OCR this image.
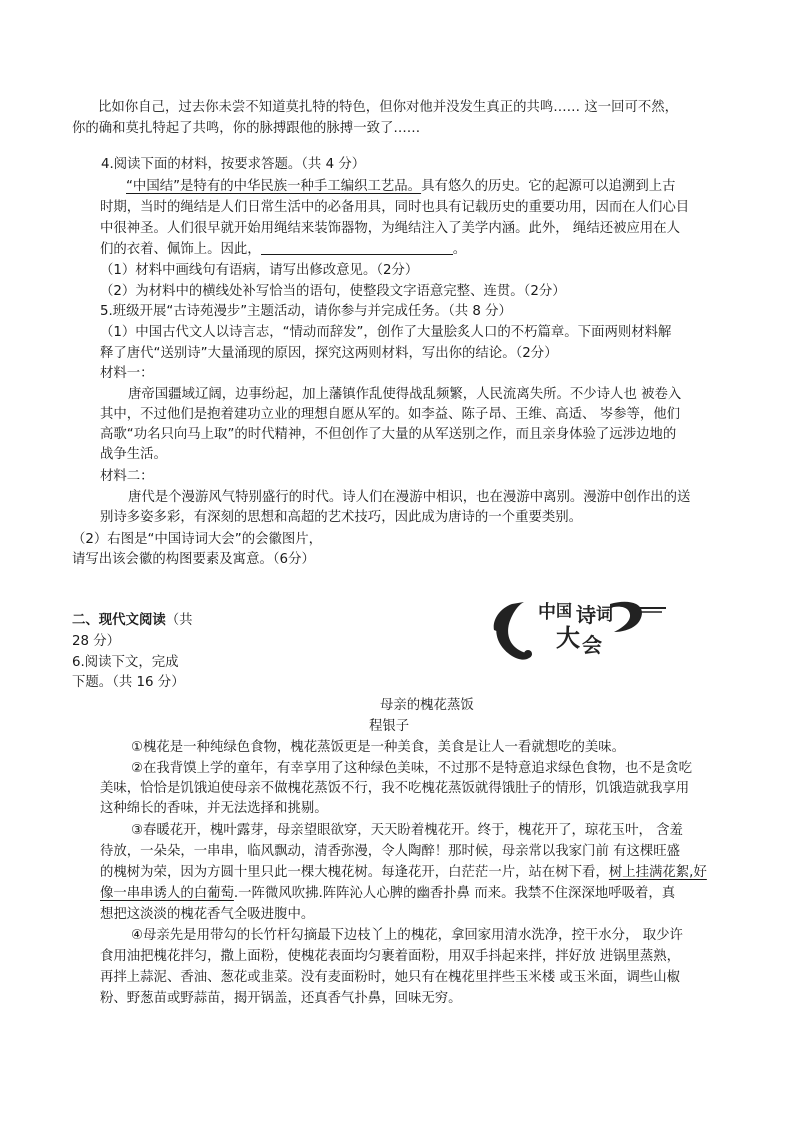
比如你自己，过去你未尝不知道莫扎特的特色，但你对他并没发生真正的共鸣…… 这一回可不然，
你的确和莫扎特起了共鸣，你的脉搏跟他的脉搏一致了……
4.阅读下面的材料，按要求答题。（共 4 分）
“中国结”是特有的中华民族一种手工编织工艺品。具有悠久的历史。它的起源可以追溯到上古
时期，当时的绳结是人们日常生活中的必备用具，同时也具有记载历史的重要功用，因而在人们心目
中很神圣。人们很早就开始用绳结来装饰器物，为绳结注入了美学内涵。此外， 绳结还被应用在人
们的衣着、佩饰上。因此，	。
（1）材料中画线句有语病，请写出修改意见。（2分）
（2）为材料中的横线处补写恰当的语句，使整段文字语意完整、连贯。（2分）
5.班级开展“古诗苑漫步”主题活动，请你参与并完成任务。（共 8 分）
（1）中国古代文人以诗言志，“情动而辞发”，创作了大量脍炙人口的不朽篇章。下面两则材料解
释了唐代“送别诗”大量涌现的原因，探究这两则材料，写出你的结论。（2分）
材料一：
唐帝国疆域辽阔，边事纷起，加上藩镇作乱使得战乱频繁，人民流离失所。不少诗人也 被卷入
其中，不过他们是抱着建功立业的理想自愿从军的。如李益、陈子昂、王维、高适、 岑参等，他们
高歌“功名只向马上取”的时代精神，不但创作了大量的从军送别之作，而且亲身体验了远涉边地的
战争生活。
材料二：
唐代是个漫游风气特别盛行的时代。诗人们在漫游中相识，也在漫游中离别。漫游中创作出的送
别诗多姿多彩，有深刻的思想和高超的艺术技巧，因此成为唐诗的一个重要类别。
（2）右图是“中国诗词大会”的会徽图片，
请写出该会徽的构图要素及寓意。（6分）
二、现代文阅读（共
28 分）
6.阅读下文，完成
下题。（共 16 分）
中 国 诗 词
大 会
母亲的槐花蒸饭
程银子
①槐花是一种纯绿色食物，槐花蒸饭更是一种美食，美食是让人一看就想吃的美味。
②在我背馍上学的童年，有幸享用了这种绿色美味，不过那不是特意追求绿色食物，也不是贪吃
美味，恰恰是饥饿迫使母亲不做槐花蒸饭不行，我不吃槐花蒸饭就得饿肚子的情形，饥饿造就我享用
这种绵长的香味，并无法选择和挑剔。
③春暖花开，槐叶露芽，母亲望眼欲穿，天天盼着槐花开。终于，槐花开了，琼花玉叶， 含羞
待放，一朵朵，一串串，临风飘动，清香弥漫，令人陶醉！那时候，母亲常以我家门前 有这棵旺盛
的槐树为荣，因为方圆十里只此一棵大槐花树。每逢花开，白茫茫一片，站在树下看，树上挂满花絮,好
像一串串诱人的白葡萄.一阵微风吹拂.阵阵沁人心脾的幽香扑鼻 而来。我禁不住深深地呼吸着，真
想把这淡淡的槐花香气全吸进腹中。
④母亲先是用带勾的长竹杆勾摘最下边枝丫上的槐花，拿回家用清水洗净，控干水分， 取少许
食用油把槐花拌匀，撒上面粉，使槐花表面均匀裹着面粉，用双手抖起来拌，拌好放 进锅里蒸熟，
再拌上蒜泥、香油、葱花或韭菜。没有麦面粉时，她只有在槐花里拌些玉米楼 或玉米面，调些山椒
粉、野葱苗或野蒜苗，揭开锅盖，还真香气扑鼻，回味无穷。
